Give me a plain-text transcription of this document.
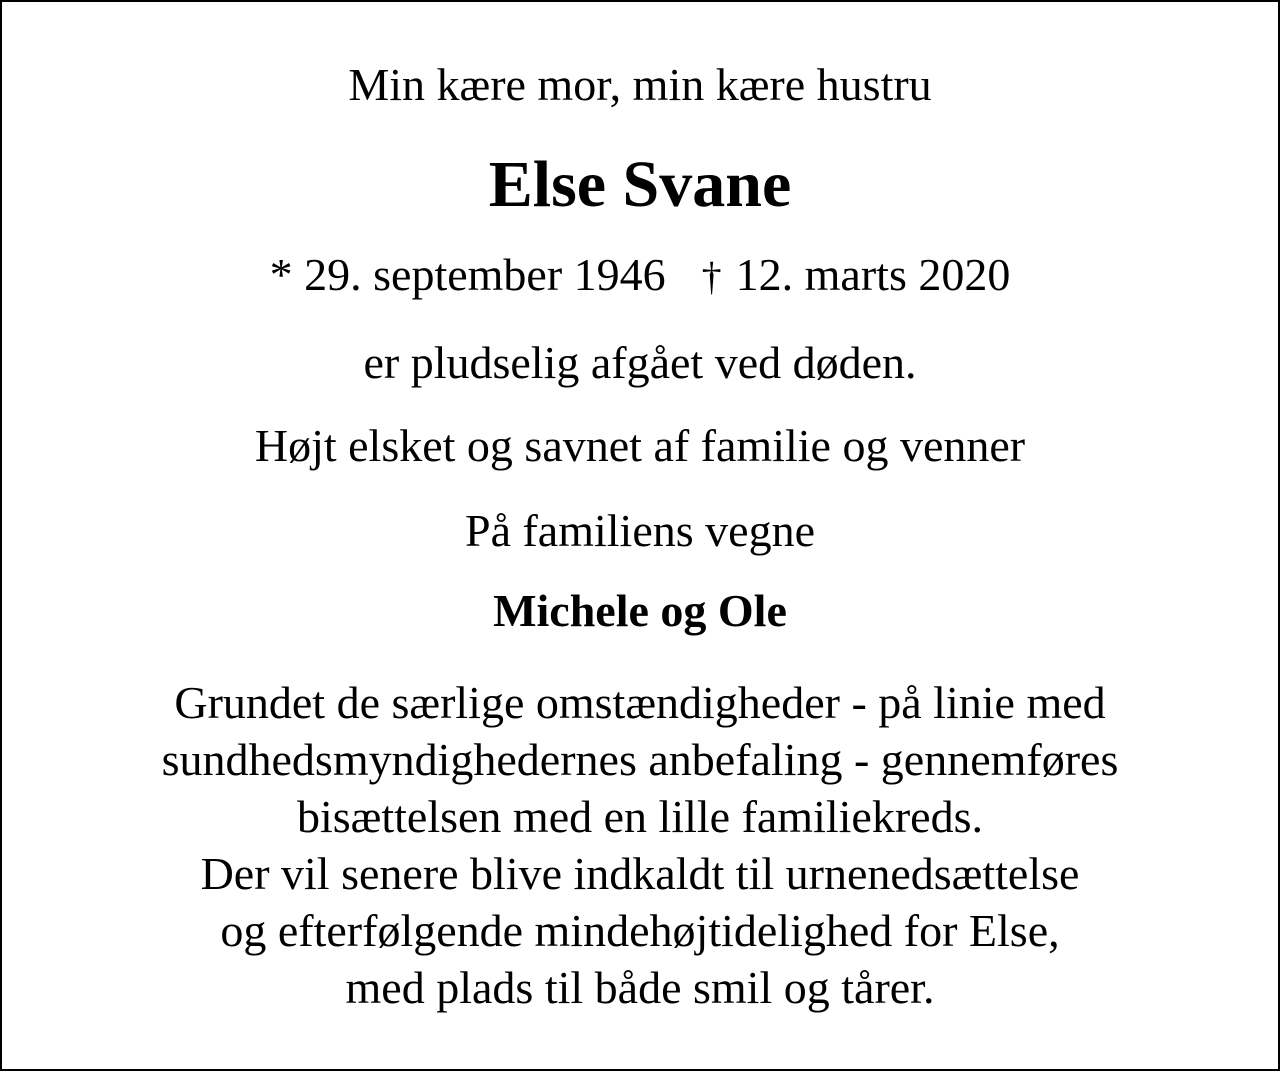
Min kære mor, min kære hustru

Else Svane

* 29. september 1946 † 12. marts 2020

er pludselig afgået ved døden.

Højt elsket og savnet af familie og venner

På familiens vegne

Michele og Ole

Grundet de særlige omstændigheder - på linie med
sundhedsmyndighedernes anbefaling - gennemføres
bisættelsen med en lille familiekreds.
Der vil senere blive indkaldt til urnenedsættelse
og efterfølgende mindehøjtidelighed for Else,
med plads til både smil og tårer.
